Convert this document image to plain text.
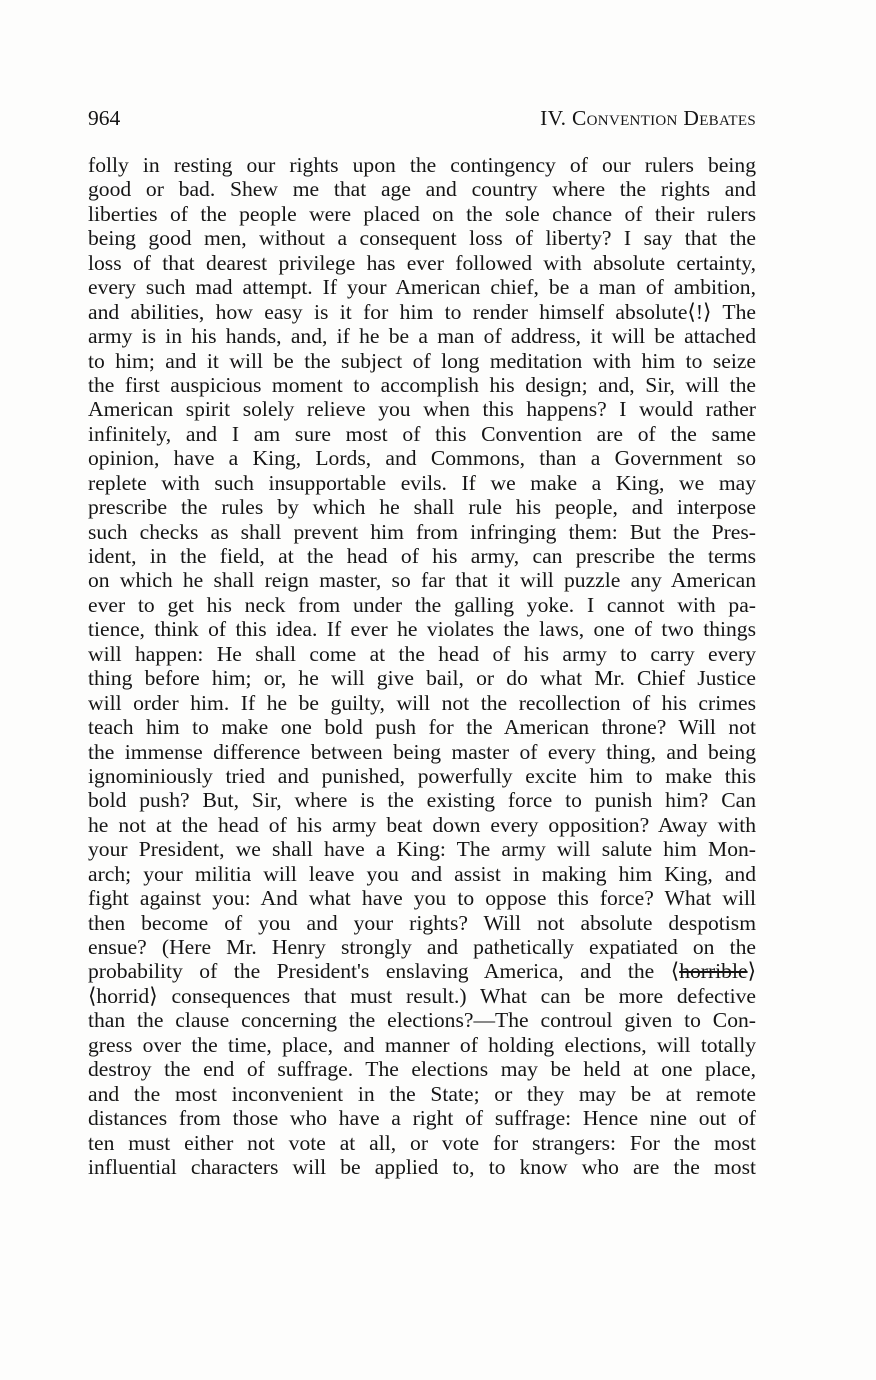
964	IV. Convention Debates
folly in resting our rights upon the contingency of our rulers being
good or bad. Shew me that age and country where the rights and
liberties of the people were placed on the sole chance of their rulers
being good men, without a consequent loss of liberty? I say that the
loss of that dearest privilege has ever followed with absolute certainty,
every such mad attempt. If your American chief, be a man of ambition,
and abilities, how easy is it for him to render himself absolute⟨!⟩ The
army is in his hands, and, if he be a man of address, it will be attached
to him; and it will be the subject of long meditation with him to seize
the first auspicious moment to accomplish his design; and, Sir, will the
American spirit solely relieve you when this happens? I would rather
infinitely, and I am sure most of this Convention are of the same
opinion, have a King, Lords, and Commons, than a Government so
replete with such insupportable evils. If we make a King, we may
prescribe the rules by which he shall rule his people, and interpose
such checks as shall prevent him from infringing them: But the Pres-
ident, in the field, at the head of his army, can prescribe the terms
on which he shall reign master, so far that it will puzzle any American
ever to get his neck from under the galling yoke. I cannot with pa-
tience, think of this idea. If ever he violates the laws, one of two things
will happen: He shall come at the head of his army to carry every
thing before him; or, he will give bail, or do what Mr. Chief Justice
will order him. If he be guilty, will not the recollection of his crimes
teach him to make one bold push for the American throne? Will not
the immense difference between being master of every thing, and being
ignominiously tried and punished, powerfully excite him to make this
bold push? But, Sir, where is the existing force to punish him? Can
he not at the head of his army beat down every opposition? Away with
your President, we shall have a King: The army will salute him Mon-
arch; your militia will leave you and assist in making him King, and
fight against you: And what have you to oppose this force? What will
then become of you and your rights? Will not absolute despotism
ensue? (Here Mr. Henry strongly and pathetically expatiated on the
probability of the President's enslaving America, and the ⟨horrible⟩
⟨horrid⟩ consequences that must result.) What can be more defective
than the clause concerning the elections?—The controul given to Con-
gress over the time, place, and manner of holding elections, will totally
destroy the end of suffrage. The elections may be held at one place,
and the most inconvenient in the State; or they may be at remote
distances from those who have a right of suffrage: Hence nine out of
ten must either not vote at all, or vote for strangers: For the most
influential characters will be applied to, to know who are the most
